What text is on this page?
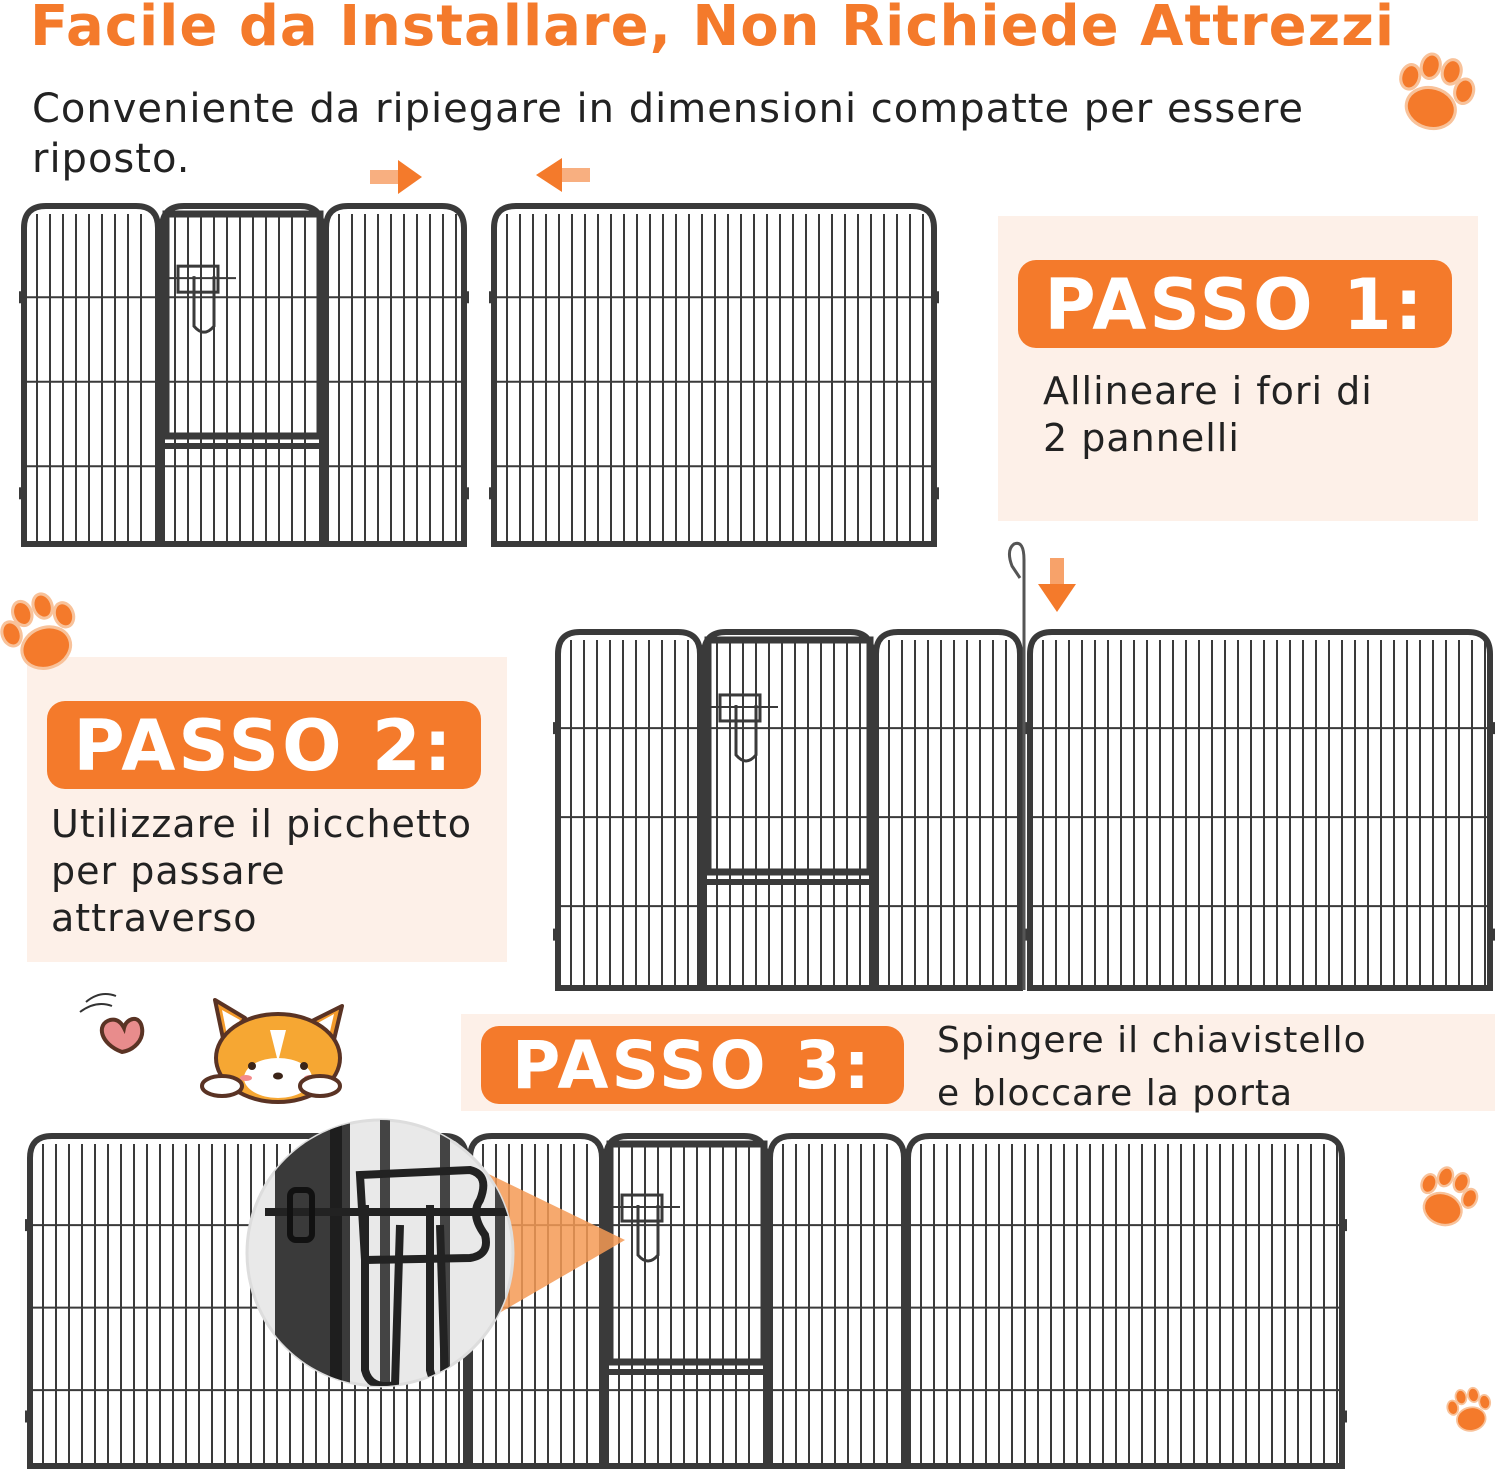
Facile da Installare, Non Richiede Attrezzi
Conveniente da ripiegare in dimensioni compatte per essere riposto.
PASSO 1:
Allineare i fori di
2 pannelli
PASSO 2:
Utilizzare il picchetto
per passare
attraverso
PASSO 3:	Spingere il chiavistello
e bloccare la porta
